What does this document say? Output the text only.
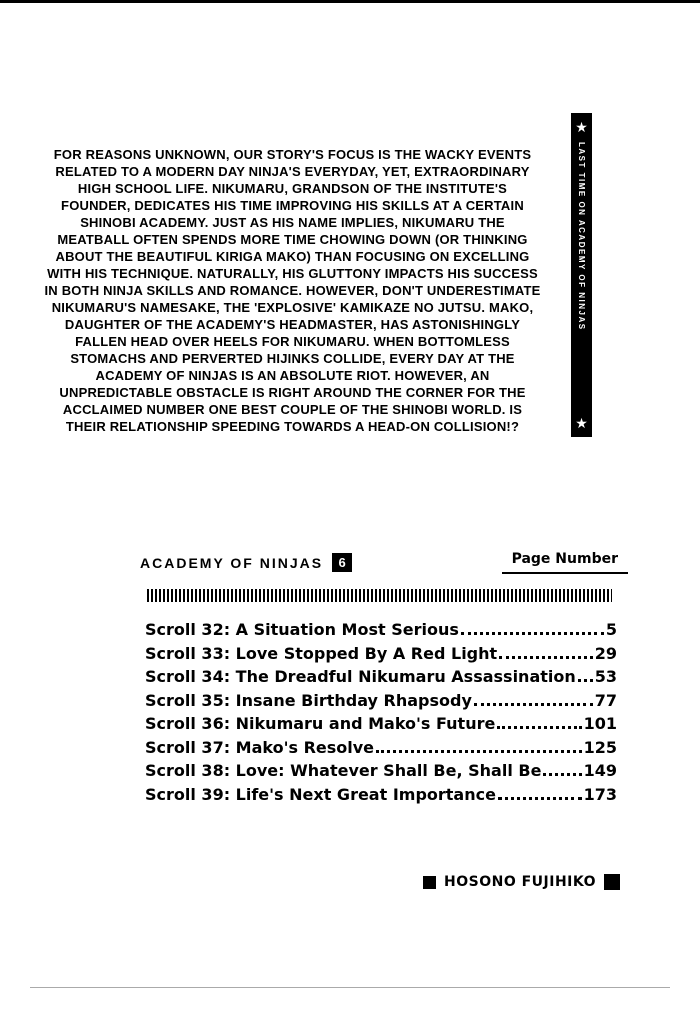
FOR REASONS UNKNOWN, OUR STORY'S FOCUS IS THE WACKY EVENTS
RELATED TO A MODERN DAY NINJA'S EVERYDAY, YET, EXTRAORDINARY
HIGH SCHOOL LIFE. NIKUMARU, GRANDSON OF THE INSTITUTE'S
FOUNDER, DEDICATES HIS TIME IMPROVING HIS SKILLS AT A CERTAIN
SHINOBI ACADEMY. JUST AS HIS NAME IMPLIES, NIKUMARU THE
MEATBALL OFTEN SPENDS MORE TIME CHOWING DOWN (OR THINKING
ABOUT THE BEAUTIFUL KIRIGA MAKO) THAN FOCUSING ON EXCELLING
WITH HIS TECHNIQUE. NATURALLY, HIS GLUTTONY IMPACTS HIS SUCCESS
IN BOTH NINJA SKILLS AND ROMANCE. HOWEVER, DON'T UNDERESTIMATE
NIKUMARU'S NAMESAKE, THE 'EXPLOSIVE' KAMIKAZE NO JUTSU. MAKO,
DAUGHTER OF THE ACADEMY'S HEADMASTER, HAS ASTONISHINGLY
FALLEN HEAD OVER HEELS FOR NIKUMARU. WHEN BOTTOMLESS
STOMACHS AND PERVERTED HIJINKS COLLIDE, EVERY DAY AT THE
ACADEMY OF NINJAS IS AN ABSOLUTE RIOT. HOWEVER, AN
UNPREDICTABLE OBSTACLE IS RIGHT AROUND THE CORNER FOR THE
ACCLAIMED NUMBER ONE BEST COUPLE OF THE SHINOBI WORLD. IS
THEIR RELATIONSHIP SPEEDING TOWARDS A HEAD-ON COLLISION!?
★
LAST TIME ON ACADEMY OF NINJAS
★
ACADEMY OF NINJAS	6	Page Number
Scroll 32: A Situation Most Serious	5
Scroll 33: Love Stopped By A Red Light	29
Scroll 34: The Dreadful Nikumaru Assassination 53
Scroll 35: Insane Birthday Rhapsody	77
Scroll 36: Nikumaru and Mako's Future	101
Scroll 37: Mako's Resolve	125
Scroll 38: Love: Whatever Shall Be, Shall Be	149
Scroll 39: Life's Next Great Importance	173
HOSONO FUJIHIKO
